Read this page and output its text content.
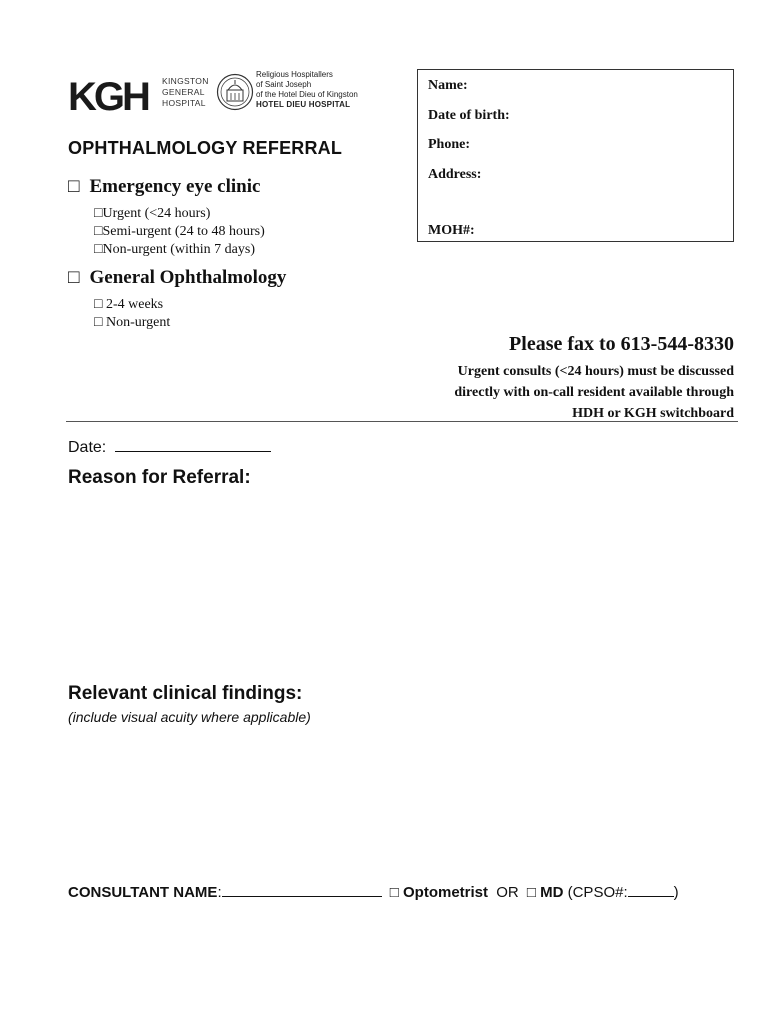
KGH KINGSTON
GENERAL
HOSPITAL
Religious Hospitallers
of Saint Joseph
of the Hotel Dieu of Kingston
HOTEL DIEU HOSPITAL
Name:
Date of birth:
Phone:
Address:
MOH#:
OPHTHALMOLOGY REFERRAL
□ Emergency eye clinic
□Urgent (<24 hours)
□Semi-urgent (24 to 48 hours)
□Non-urgent (within 7 days)
□ General Ophthalmology
□ 2-4 weeks
□ Non-urgent
Please fax to 613-544-8330
Urgent consults (<24 hours) must be discussed
directly with on-call resident available through
HDH or KGH switchboard
Date:
Reason for Referral:
Relevant clinical findings:
(include visual acuity where applicable)
CONSULTANT NAME:	□ Optometrist OR □ MD (CPSO#:	)
